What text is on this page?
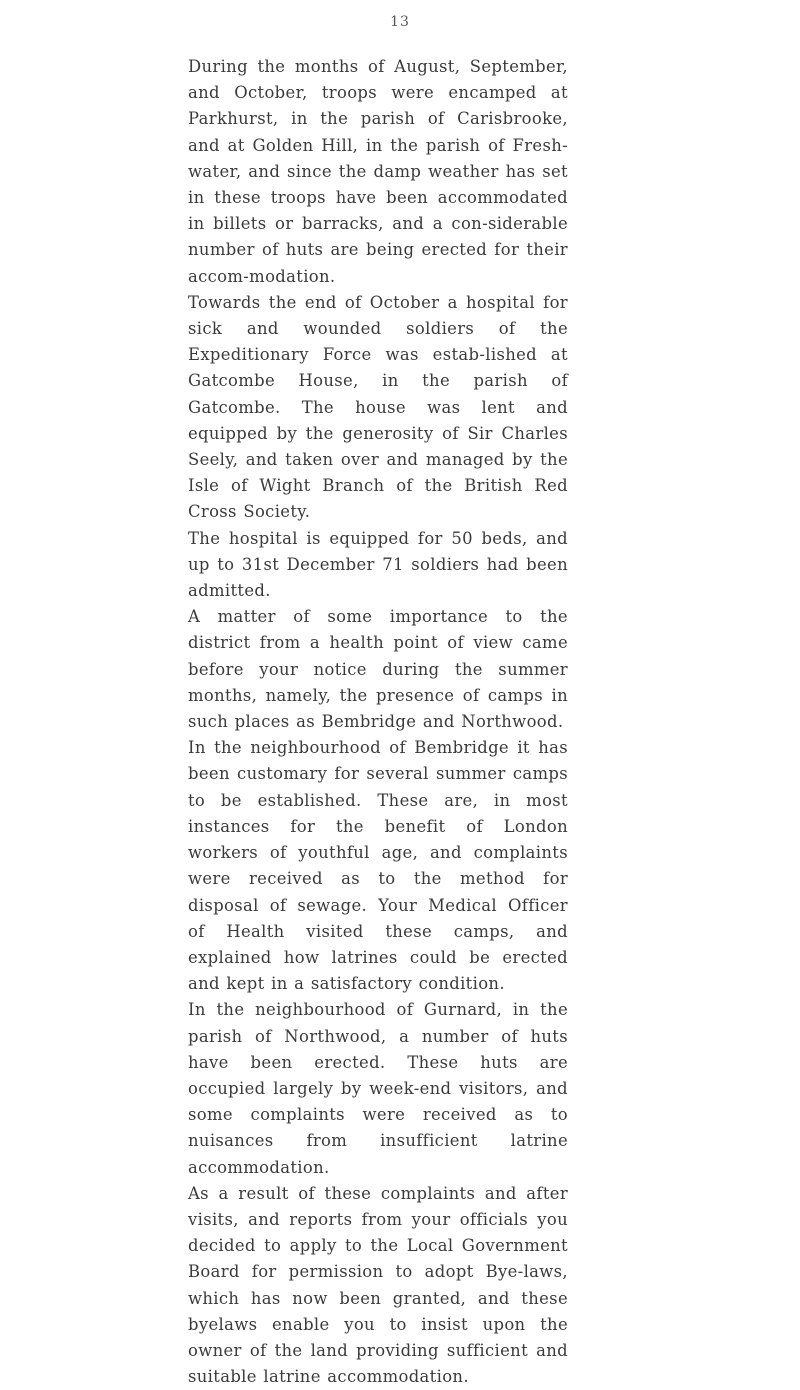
13

During the months of August, September, and October, troops were encamped at Parkhurst, in the parish of Carisbrooke, and at Golden Hill, in the parish of Fresh-water, and since the damp weather has set in these troops have been accommodated in billets or barracks, and a con-siderable number of huts are being erected for their accom-modation.

Towards the end of October a hospital for sick and wounded soldiers of the Expeditionary Force was estab-lished at Gatcombe House, in the parish of Gatcombe. The house was lent and equipped by the generosity of Sir Charles Seely, and taken over and managed by the Isle of Wight Branch of the British Red Cross Society.

The hospital is equipped for 50 beds, and up to 31st December 71 soldiers had been admitted.

A matter of some importance to the district from a health point of view came before your notice during the summer months, namely, the presence of camps in such places as Bembridge and Northwood.

In the neighbourhood of Bembridge it has been customary for several summer camps to be established. These are, in most instances for the benefit of London workers of youthful age, and complaints were received as to the method for disposal of sewage. Your Medical Officer of Health visited these camps, and explained how latrines could be erected and kept in a satisfactory condition.

In the neighbourhood of Gurnard, in the parish of Northwood, a number of huts have been erected. These huts are occupied largely by week-end visitors, and some complaints were received as to nuisances from insufficient latrine accommodation.

As a result of these complaints and after visits, and reports from your officials you decided to apply to the Local Government Board for permission to adopt Bye-laws, which has now been granted, and these byelaws enable you to insist upon the owner of the land providing sufficient and suitable latrine accommodation.
